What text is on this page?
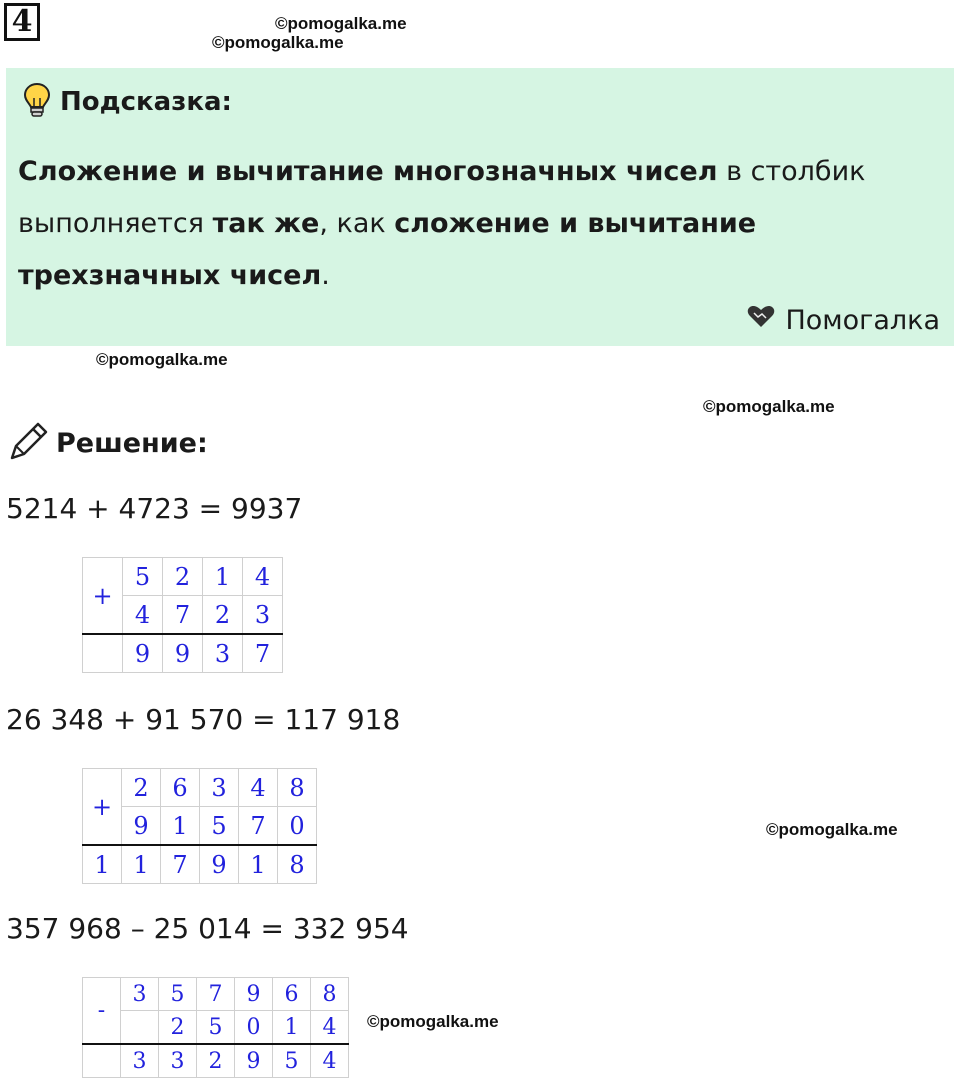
4	©pomogalka.me
©pomogalka.me
Подсказка:
Сложение и вычитание многозначных чисел в столбик выполняется так же, как сложение и вычитание трехзначных чисел.
Помогалка
©pomogalka.me
©pomogalka.me
Решение:
5214 + 4723 = 9937
+	5	2	1	4
	4	7	2	3
	9	9	3	7
26 348 + 91 570 = 117 918
+	2	6	3	4	8
	9	1	5	7	0
1	1	7	9	1	8
©pomogalka.me
357 968 – 25 014 = 332 954
-	3	5	7	9	6	8
		2	5	0	1	4
	3	3	2	9	5	4
©pomogalka.me
